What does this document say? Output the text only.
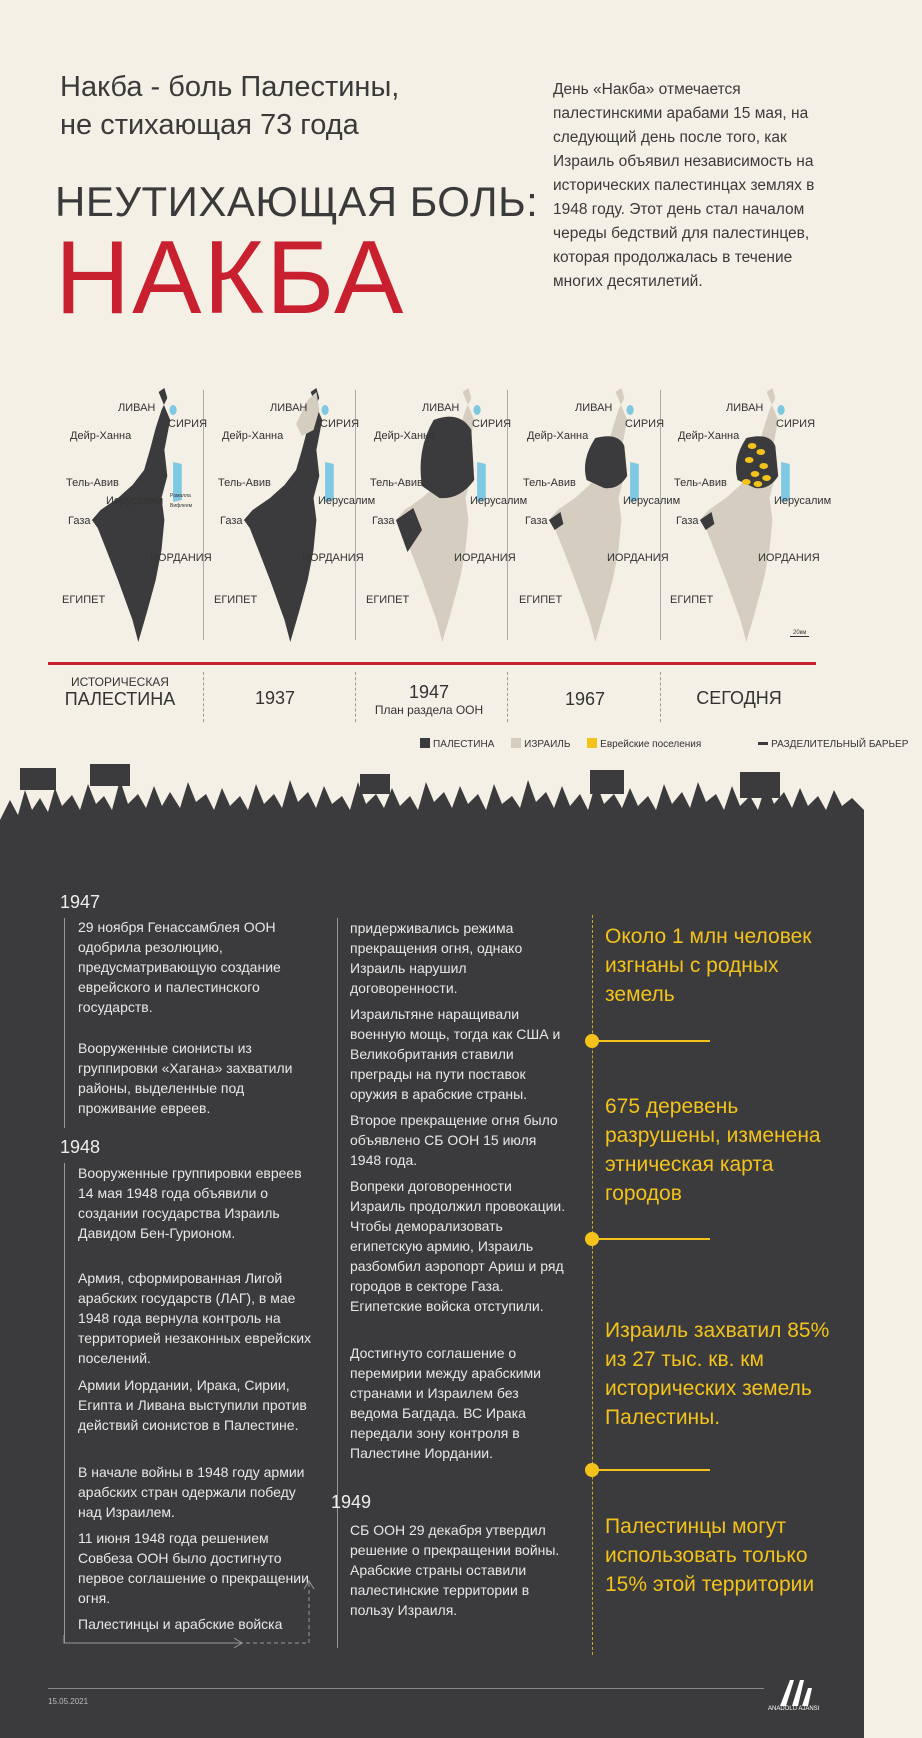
Накба - боль Палестины,
не стихающая 73 года
НЕУТИХАЮЩАЯ БОЛЬ:
НАКБА
День «Накба» отмечается палестинскими арабами 15 мая, на следующий день после того, как Израиль объявил независимость на исторических палестинцах землях в 1948 году. Этот день стал началом череды бедствий для палестинцев, которая продолжалась в течение многих десятилетий.
ЛИВАН
СИРИЯ
Дейр-Ханна
Тель-Авив
Иерусалим
Газа
ИОРДАНИЯ
ЕГИПЕТ
ЛИВАН
СИРИЯ
Дейр-Ханна
Тель-Авив
Иерусалим
Газа
ИОРДАНИЯ
ЕГИПЕТ
ЛИВАН
СИРИЯ
Дейр-Ханна
Тель-Авив
Иерусалим
Газа
ИОРДАНИЯ
ЕГИПЕТ
ЛИВАН
СИРИЯ
Дейр-Ханна
Тель-Авив
Иерусалим
Газа
ИОРДАНИЯ
ЕГИПЕТ
ЛИВАН
СИРИЯ
Дейр-Ханна
Тель-Авив
Иерусалим
Газа
ИОРДАНИЯ
ЕГИПЕТ
Рамалла
Вифлеем
20км
ИСТОРИЧЕСКАЯ
ПАЛЕСТИНА	1937	1947
План раздела ООН
1967	СЕГОДНЯ
ПАЛЕСТИНА	ИЗРАИЛЬ	Еврейские поселения	РАЗДЕЛИТЕЛЬНЫЙ БАРЬЕР
1947
29 ноября Генассамблея ООН одобрила резолюцию, предусматривающую создание еврейского и палестинского государств.
Вооруженные сионисты из группировки «Хагана» захватили районы, выделенные под проживание евреев.
1948
Вооруженные группировки евреев 14 мая 1948 года объявили о создании государства Израиль Давидом Бен-Гурионом.
Армия, сформированная Лигой арабских государств (ЛАГ), в мае 1948 года вернула контроль на территорией незаконных еврейских поселений.
Армии Иордании, Ирака, Сирии, Египта и Ливана выступили против действий сионистов в Палестине.
В начале войны в 1948 году армии арабских стран одержали победу над Израилем.
11 июня 1948 года решением Совбеза ООН было достигнуто первое соглашение о прекращении огня.
Палестинцы и арабские войска
придерживались режима прекращения огня, однако Израиль нарушил договоренности.
Израильтяне наращивали военную мощь, тогда как США и Великобритания ставили преграды на пути поставок оружия в арабские страны.
Второе прекращение огня было объявлено СБ ООН 15 июля 1948 года.
Вопреки договоренности Израиль продолжил провокации. Чтобы деморализовать египетскую армию, Израиль разбомбил аэропорт Ариш и ряд городов в секторе Газа. Египетские войска отступили.
Достигнуто соглашение о перемирии между арабскими странами и Израилем без ведома Багдада. ВС Ирака передали зону контроля в Палестине Иордании.
1949
СБ ООН 29 декабря утвердил решение о прекращении войны. Арабские страны оставили палестинские территории в пользу Израиля.
Около 1 млн человек изгнаны с родных земель
675 деревень разрушены, изменена этническая карта городов
Израиль захватил 85% из 27 тыс. кв. км исторических земель Палестины.
Палестинцы могут использовать только 15% этой территории
15.05.2021
ANADOLU AJANSI
